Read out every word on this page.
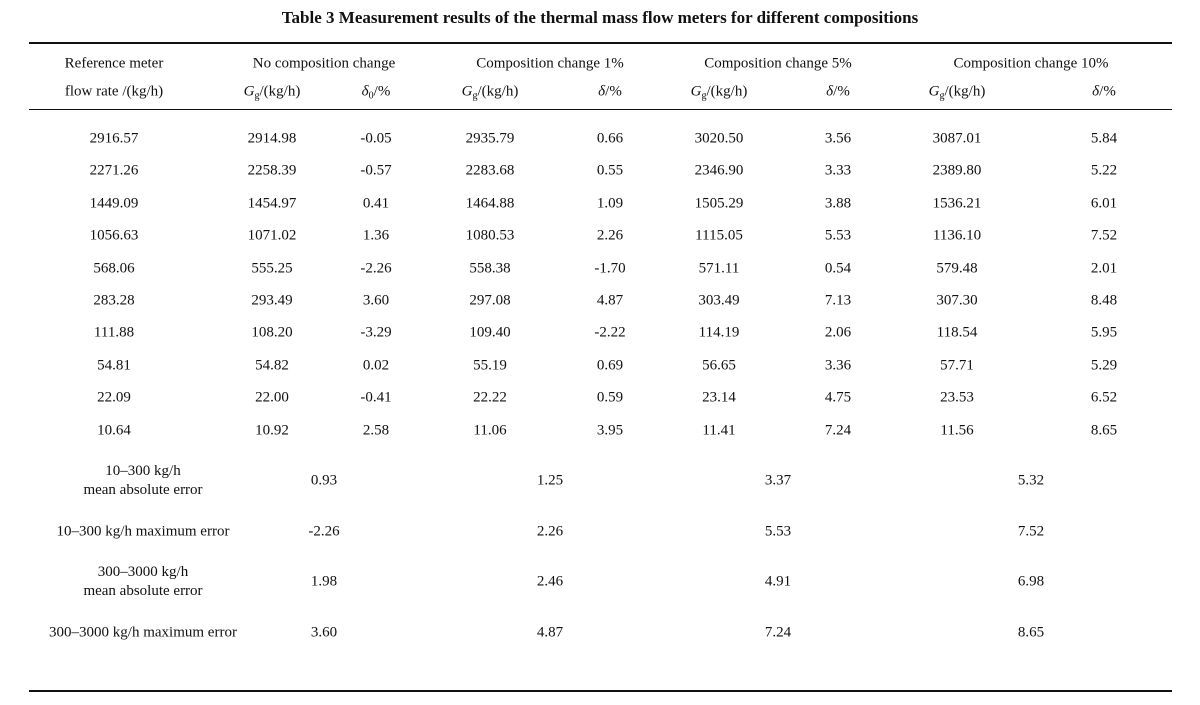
Table 3 Measurement results of the thermal mass flow meters for different compositions
Reference meter
flow rate /(kg/h)
No composition change	Composition change 1%	Composition change 5%	Composition change 10%
$G_g/(kg/h)$	$\delta_0/\%$	$G_g/(kg/h)$	δ/%	$G_g/(kg/h)$	δ/%	$G_g/(kg/h)$	δ/%
2916.57	2914.98	-0.05	2935.79	0.66	3020.50	3.56	3087.01	5.84
2271.26	2258.39	-0.57	2283.68	0.55	2346.90	3.33	2389.80	5.22
1449.09	1454.97	0.41	1464.88	1.09	1505.29	3.88	1536.21	6.01
1056.63	1071.02	1.36	1080.53	2.26	1115.05	5.53	1136.10	7.52
568.06	555.25	-2.26	558.38	-1.70	571.11	0.54	579.48	2.01
283.28	293.49	3.60	297.08	4.87	303.49	7.13	307.30	8.48
111.88	108.20	-3.29	109.40	-2.22	114.19	2.06	118.54	5.95
54.81	54.82	0.02	55.19	0.69	56.65	3.36	57.71	5.29
22.09	22.00	-0.41	22.22	0.59	23.14	4.75	23.53	6.52
10.64	10.92	2.58	11.06	3.95	11.41	7.24	11.56	8.65
10–300 kg/h
mean absolute error
0.93	1.25	3.37	5.32
10–300 kg/h maximum error	-2.26	2.26	5.53	7.52
300–3000 kg/h
mean absolute error
1.98	2.46	4.91	6.98
300–3000 kg/h maximum error	3.60	4.87	7.24	8.65
